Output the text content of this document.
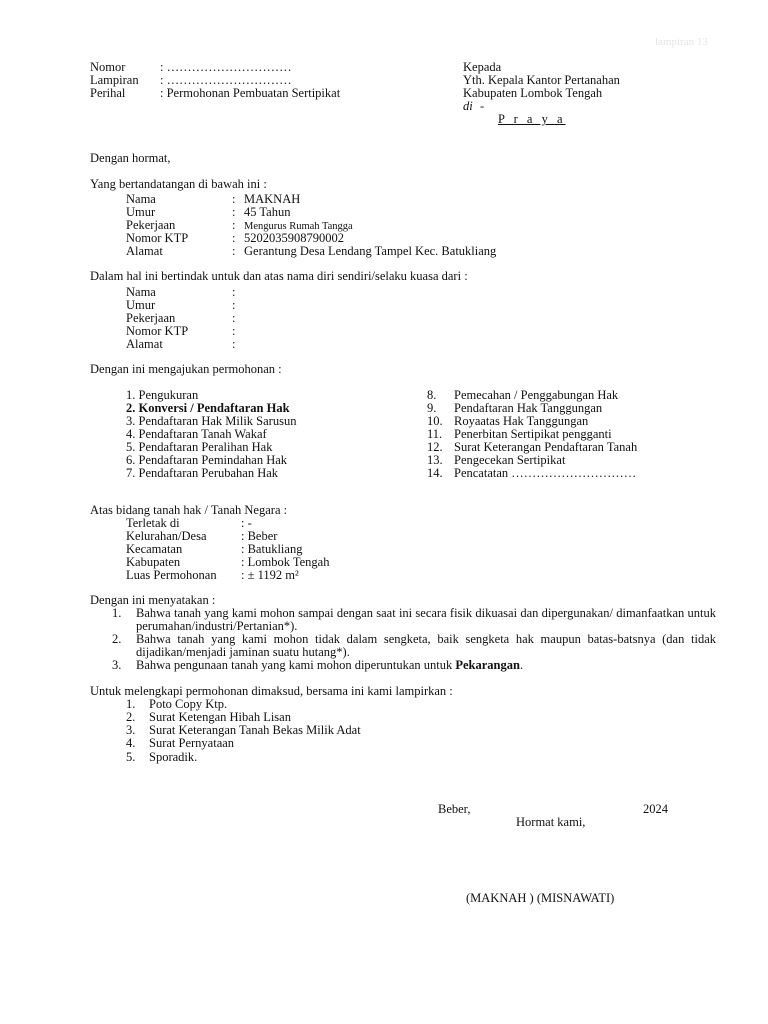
lampiran 13
Nomor	: …………………………
Lampiran : …………………………
Perihal	: Permohonan Pembuatan Sertipikat
Kepada
Yth. Kepala Kantor Pertanahan
Kabupaten Lombok Tengah
di -
P r a y a
Dengan hormat,
Yang bertandatangan di bawah ini :
Nama	: MAKNAH
Umur	: 45 Tahun
Pekerjaan	: Mengurus Rumah Tangga
Nomor KTP	: 5202035908790002
Alamat	: Gerantung Desa Lendang Tampel Kec. Batukliang
Dalam hal ini bertindak untuk dan atas nama diri sendiri/selaku kuasa dari :
Nama	:
Umur	:
Pekerjaan	:
Nomor KTP	:
Alamat	:
Dengan ini mengajukan permohonan :
1. Pengukuran
2. Konversi / Pendaftaran Hak
3. Pendaftaran Hak Milik Sarusun
4. Pendaftaran Tanah Wakaf
5. Pendaftaran Peralihan Hak
6. Pendaftaran Pemindahan Hak
7. Pendaftaran Perubahan Hak
8. Pemecahan / Penggabungan Hak
9. Pendaftaran Hak Tanggungan
10. Royaatas Hak Tanggungan
11. Penerbitan Sertipikat pengganti
12. Surat Keterangan Pendaftaran Tanah
13. Pengecekan Sertipikat
14. Pencatatan …………………………
Atas bidang tanah hak / Tanah Negara :
Terletak di	: -
Kelurahan/Desa	: Beber
Kecamatan	: Batukliang
Kabupaten	: Lombok Tengah
Luas Permohonan : ± 1192 m²
Dengan ini menyatakan :
1. Bahwa tanah yang kami mohon sampai dengan saat ini secara fisik dikuasai dan dipergunakan/ dimanfaatkan untuk perumahan/industri/Pertanian*).
2. Bahwa tanah yang kami mohon tidak dalam sengketa, baik sengketa hak maupun batas-batsnya (dan tidak dijadikan/menjadi jaminan suatu hutang*).
3. Bahwa pengunaan tanah yang kami mohon diperuntukan untuk Pekarangan.
Untuk melengkapi permohonan dimaksud, bersama ini kami lampirkan :
1. Poto Copy Ktp.
2. Surat Ketengan Hibah Lisan
3. Surat Keterangan Tanah Bekas Milik Adat
4. Surat Pernyataan
5. Sporadik.
Beber,	2024
Hormat kami,
(MAKNAH ) (MISNAWATI)
